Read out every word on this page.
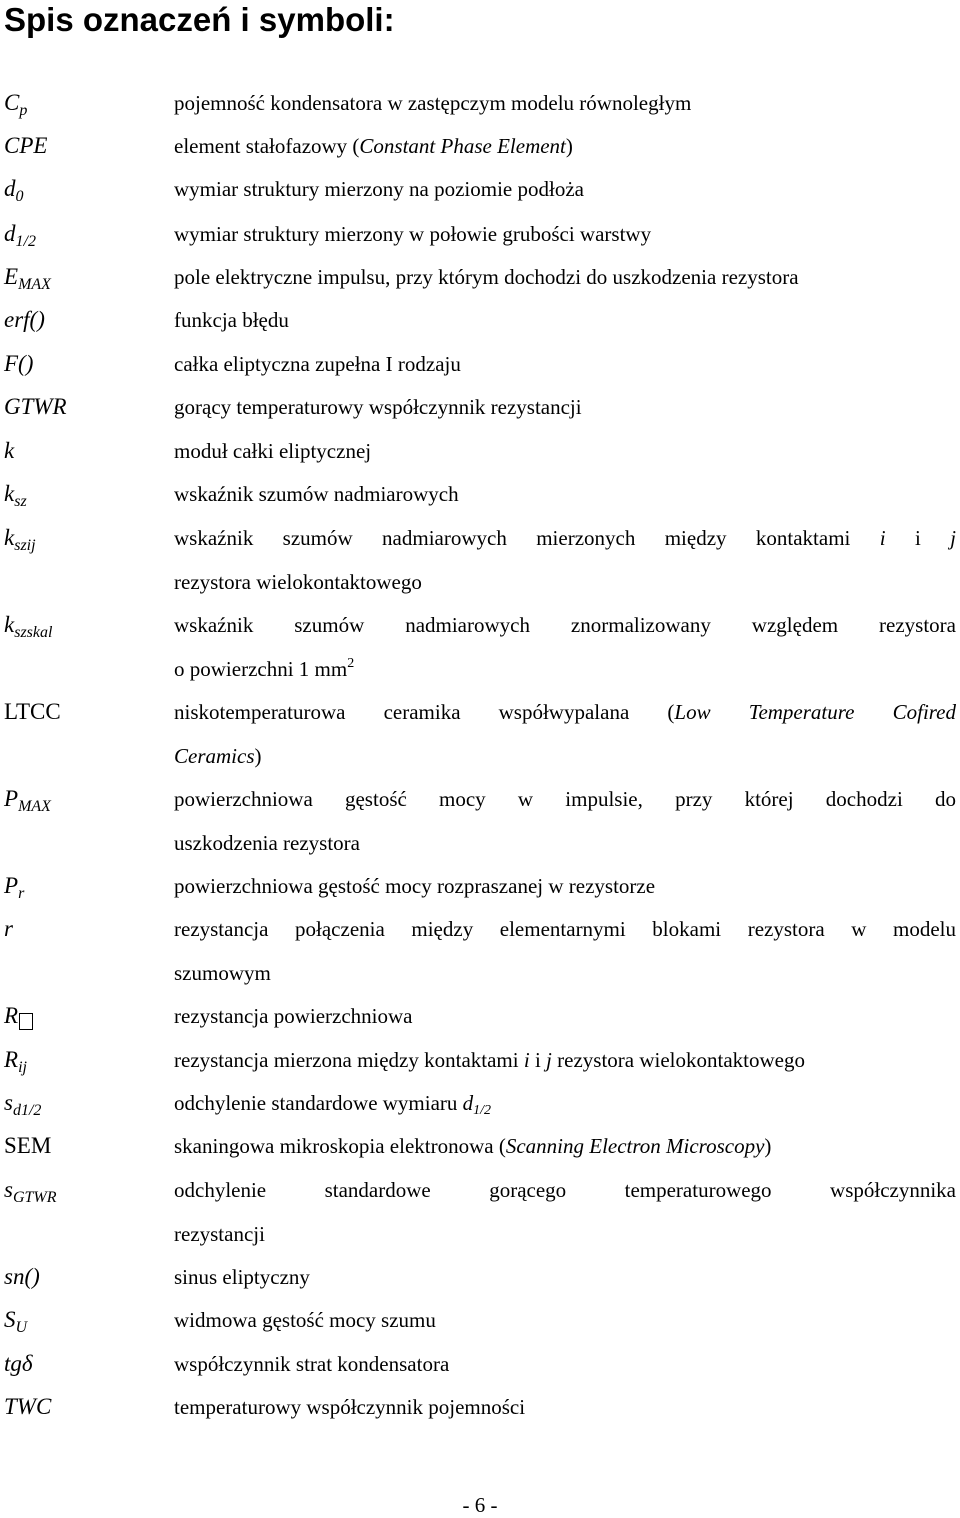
Spis oznaczeń i symboli:
$C_p$	pojemność kondensatora w zastępczym modelu równoległym
CPE	element stałofazowy (Constant Phase Element)
$d_0$	wymiar struktury mierzony na poziomie podłoża
$d_{1/2}$	wymiar struktury mierzony w połowie grubości warstwy
$E_{MAX}$	pole elektryczne impulsu, przy którym dochodzi do uszkodzenia rezystora
erf()	funkcja błędu
F()	całka eliptyczna zupełna I rodzaju
GTWR	gorący temperaturowy współczynnik rezystancji
k	moduł całki eliptycznej
$k_{sz}$	wskaźnik szumów nadmiarowych
$k_{szij}$	wskaźnik szumów nadmiarowych mierzonych między kontaktami i i j
rezystora wielokontaktowego
$k_{szskal}$	wskaźnik szumów nadmiarowych znormalizowany względem rezystora
o powierzchni 1 $mm^2$
LTCC	niskotemperaturowa ceramika współwypalana (Low Temperature Cofired
Ceramics)
$P_{MAX}$	powierzchniowa gęstość mocy w impulsie, przy której dochodzi do
uszkodzenia rezystora
$P_r$	powierzchniowa gęstość mocy rozpraszanej w rezystorze
r	rezystancja połączenia między elementarnymi blokami rezystora w modelu
szumowym
R	rezystancja powierzchniowa
$R_{ij}$	rezystancja mierzona między kontaktami i i j rezystora wielokontaktowego
$s_{d1/2}$	odchylenie standardowe wymiaru $d_{1/2}$
SEM	skaningowa mikroskopia elektronowa (Scanning Electron Microscopy)
$s_{GTWR}$	odchylenie standardowe gorącego temperaturowego współczynnika
rezystancji
sn()	sinus eliptyczny
$S_U$	widmowa gęstość mocy szumu
tgδ	współczynnik strat kondensatora
TWC	temperaturowy współczynnik pojemności
- 6 -
